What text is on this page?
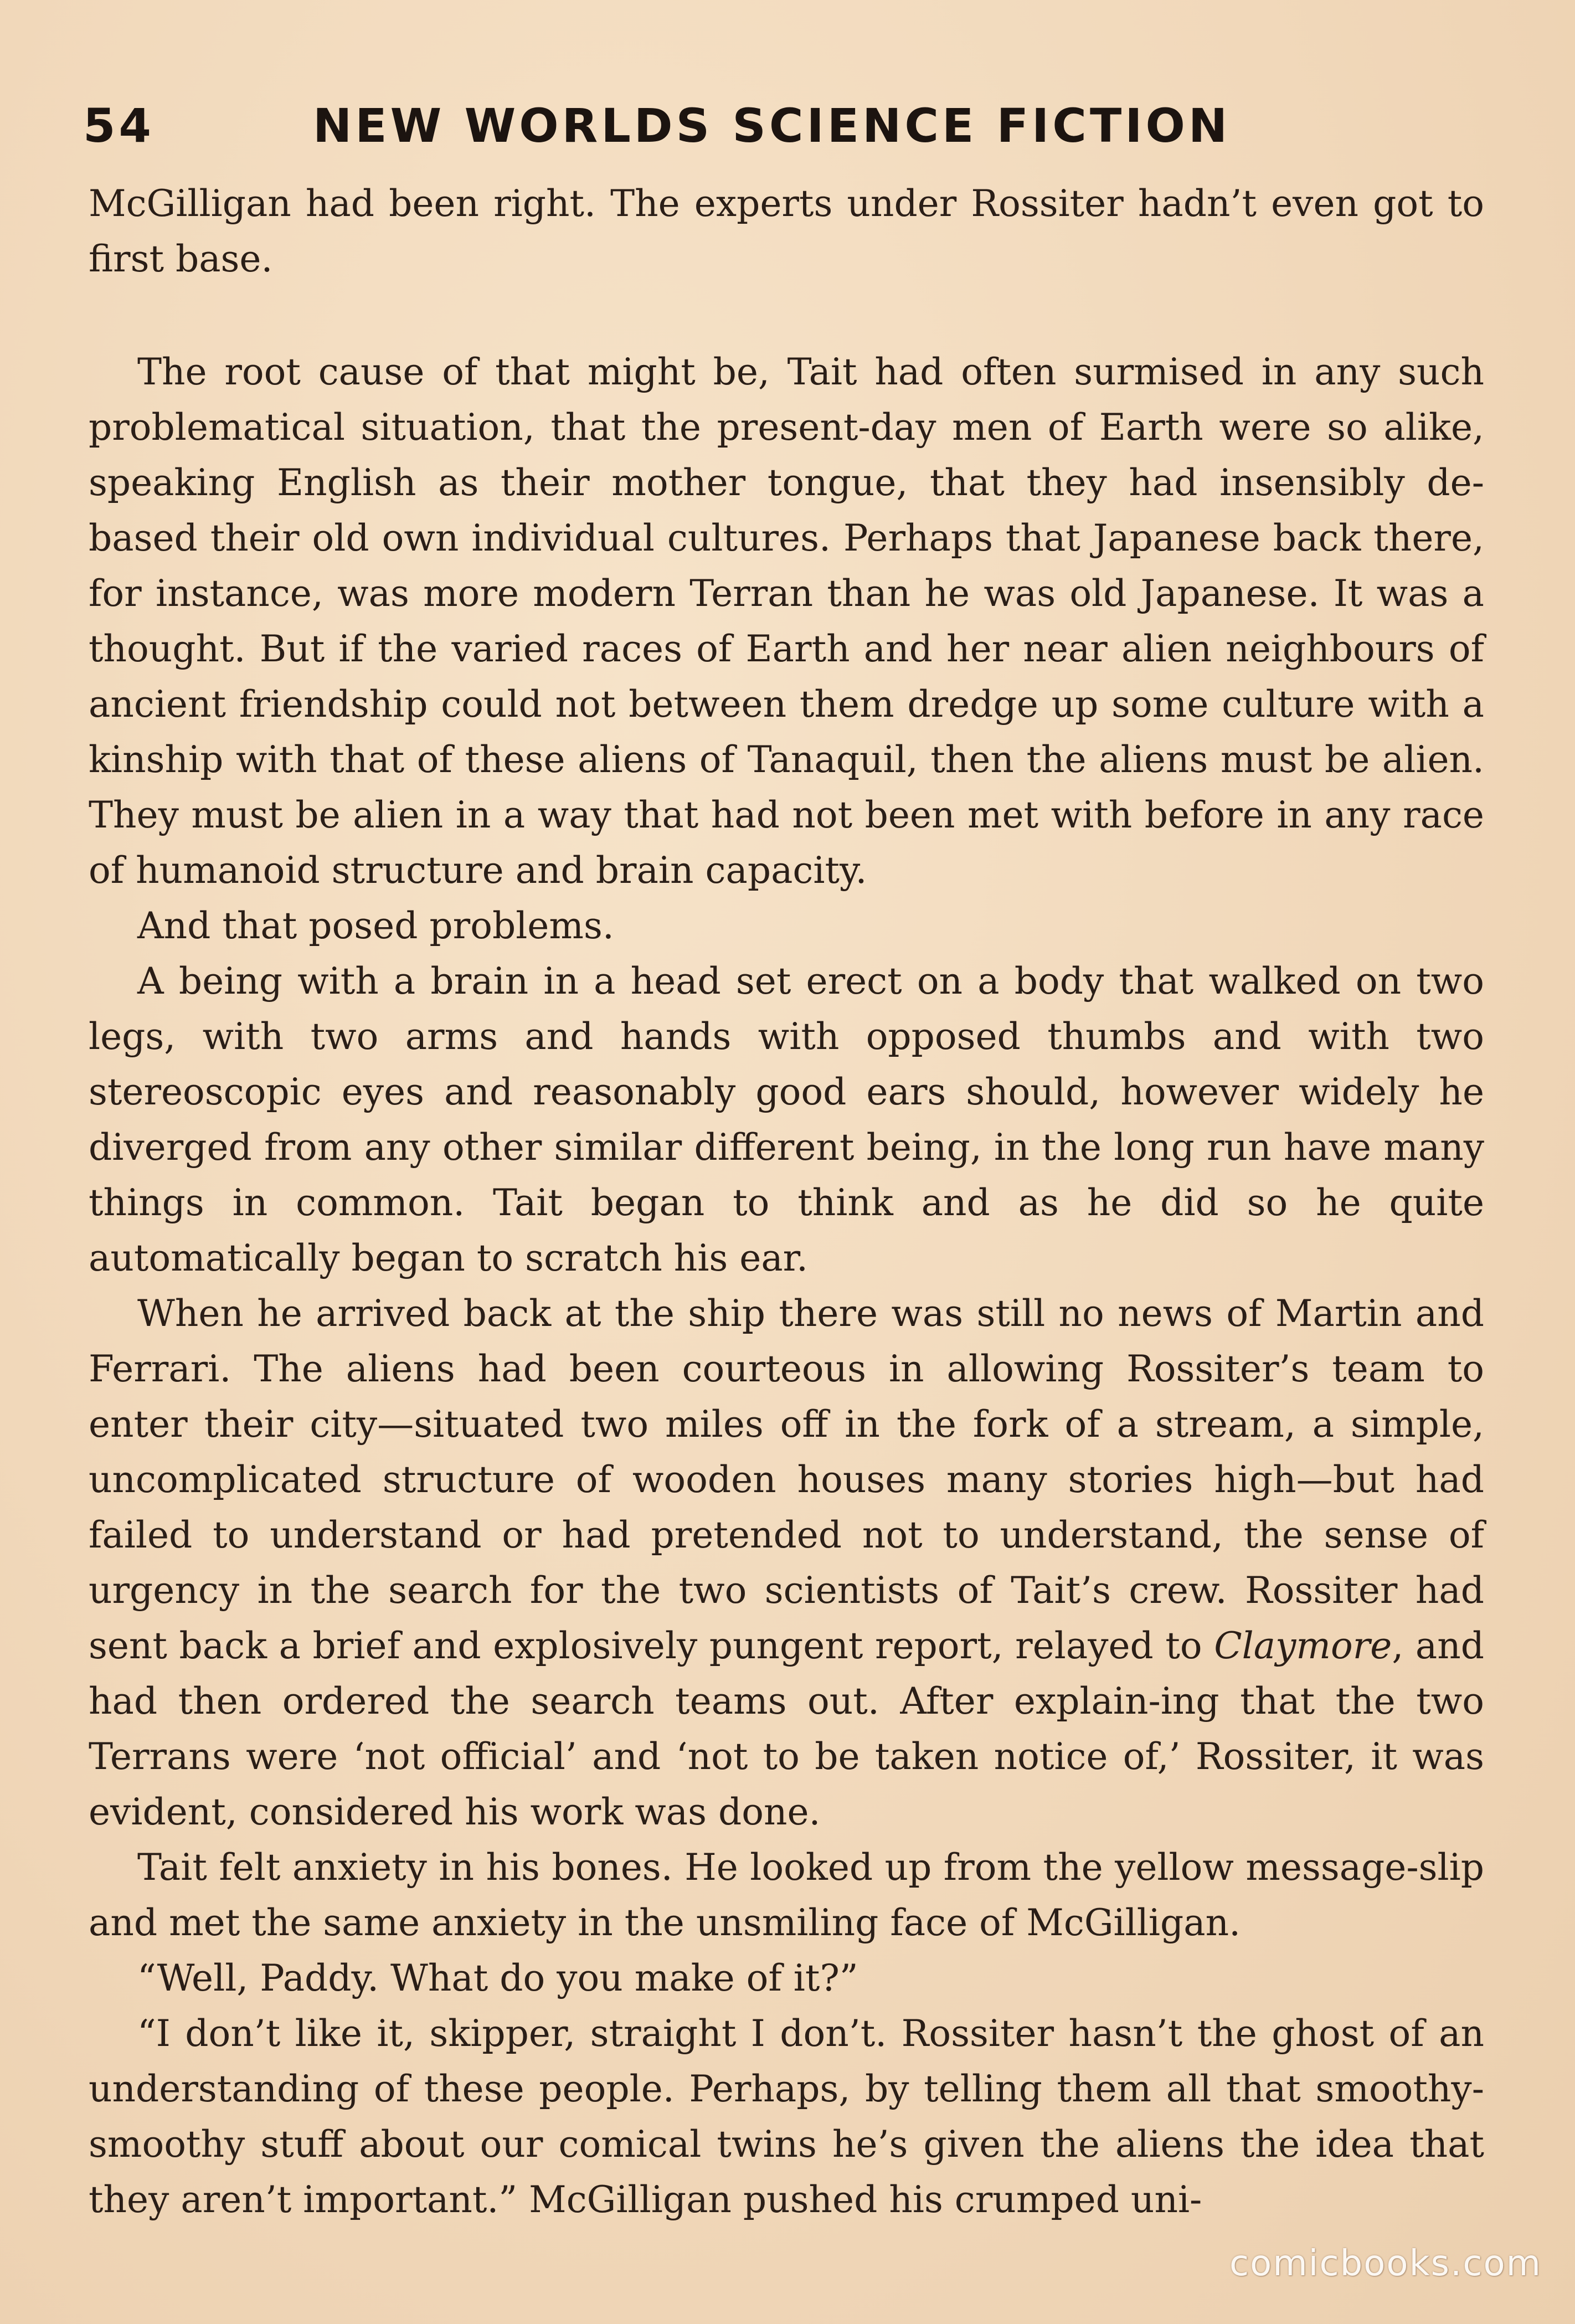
54	NEW WORLDS SCIENCE FICTION

McGilligan had been right. The experts under Rossiter hadn’t even got to first base.

The root cause of that might be, Tait had often surmised in any such problematical situation, that the present-day men of Earth were so alike, speaking English as their mother tongue, that they had insensibly de-based their old own individual cultures. Perhaps that Japanese back there, for instance, was more modern Terran than he was old Japanese. It was a thought. But if the varied races of Earth and her near alien neighbours of ancient friendship could not between them dredge up some culture with a kinship with that of these aliens of Tanaquil, then the aliens must be alien. They must be alien in a way that had not been met with before in any race of humanoid structure and brain capacity.

And that posed problems.

A being with a brain in a head set erect on a body that walked on two legs, with two arms and hands with opposed thumbs and with two stereoscopic eyes and reasonably good ears should, however widely he diverged from any other similar different being, in the long run have many things in common. Tait began to think and as he did so he quite automatically began to scratch his ear.

When he arrived back at the ship there was still no news of Martin and Ferrari. The aliens had been courteous in allowing Rossiter’s team to enter their city—situated two miles off in the fork of a stream, a simple, uncomplicated structure of wooden houses many stories high—but had failed to understand or had pretended not to understand, the sense of urgency in the search for the two scientists of Tait’s crew. Rossiter had sent back a brief and explosively pungent report, relayed to Claymore, and had then ordered the search teams out. After explain-ing that the two Terrans were ‘not official’ and ‘not to be taken notice of,’ Rossiter, it was evident, considered his work was done.

Tait felt anxiety in his bones. He looked up from the yellow message-slip and met the same anxiety in the unsmiling face of McGilligan.

“Well, Paddy. What do you make of it?”

“I don’t like it, skipper, straight I don’t. Rossiter hasn’t the ghost of an understanding of these people. Perhaps, by telling them all that smoothy-smoothy stuff about our comical twins he’s given the aliens the idea that they aren’t important.” McGilligan pushed his crumped uni-

comicbooks.com
